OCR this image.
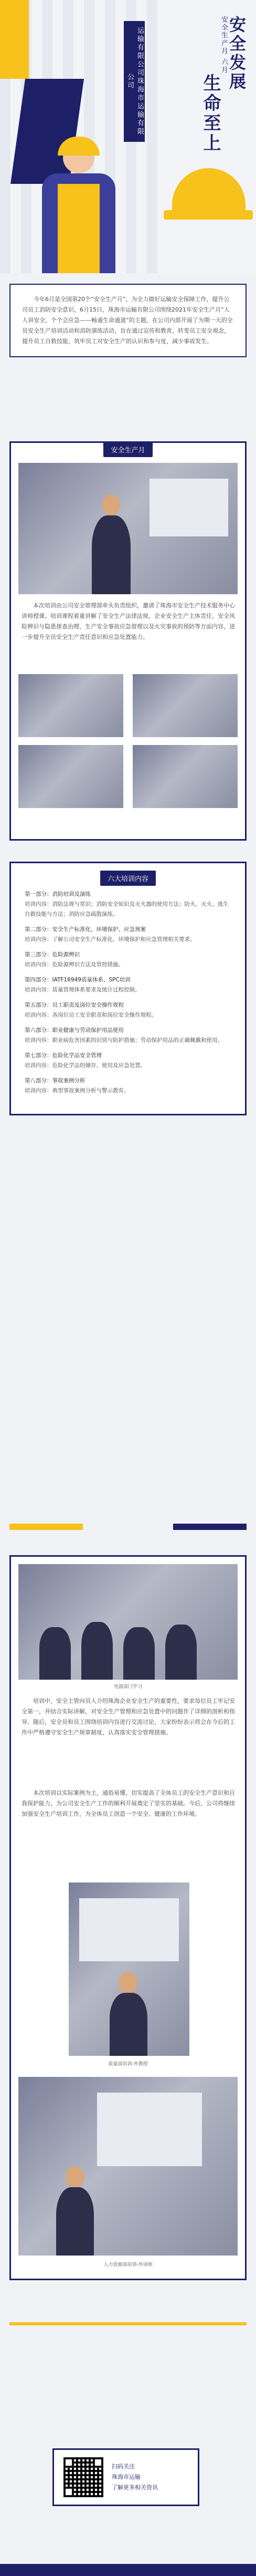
运输有限公司珠海市运输有限公司	安全发展
安全生产月 六月
生命至上

今年6月是全国第20个“安全生产月”，为全力做好运输安全保障工作，提升公司员工消防安全意识，6月15日，珠海市运输有限公司围绕2021年安全生产月“人人讲安全、个个会应急——畅通生命通道”的主题，在公司内部开展了为期一天的全员安全生产培训活动和消防演练活动，旨在通过宣传和教育，转变员工安全观念，提升员工自救技能，筑牢员工对安全生产的认识和参与度，减少事故发生。

安全生产月

本次培训由公司安全管理部牵头负责组织，邀请了珠海市安全生产技术服务中心讲师授课。培训课程着重讲解了安全生产法律法规、企业安全生产主体责任、安全风险辨识与隐患排查治理、生产安全事故应急管理以及火灾事故的预防等方面内容，进一步提升全员安全生产责任意识和应急处置能力。

六大培训内容
第一部分：消防培训及演练
培训内容：消防法规与常识；消防安全知识及灭火器的使用方法；防火、灭火、逃生自救技能与方法；消防应急疏散演练。
第二部分：安全生产标准化、环境保护、应急预案
培训内容：了解公司安全生产标准化、环境保护和应急管理相关要求。
第三部分：危险源辨识
培训内容：危险源辨识方法及管控措施。
第四部分：IATF16949质量体系、SPC培训
培训内容：质量管理体系要求及统计过程控制。
第五部分：员工职责及岗位安全操作规程
培训内容：各岗位员工安全职责和岗位安全操作规程。
第六部分：职业健康与劳动保护用品使用
培训内容：职业病危害因素的识别与防护措施；劳动保护用品的正确佩戴和使用。
第七部分：危险化学品安全管理
培训内容：危险化学品的储存、使用及应急处置。
第八部分：事故案例分析
培训内容：典型事故案例分析与警示教育。
电器部门学习

培训中，安全主管向员人介绍珠海企业安全生产的重要性，要求每位员工牢记安全第一，并结合实际讲解，对安全生产管理和应急处置中的问题作了详细的剖析和指导。随后，安全员和员工围绕培训内容进行交流讨论，大家纷纷表示将会在今后的工作中严格遵守安全生产规章制度，认真落实安全管理措施。

本次培训以实际案例为主，通俗易懂，切实提高了全体员工的安全生产意识和自我保护能力，为公司安全生产工作的顺利开展奠定了坚实的基础。今后，公司将继续加强安全生产培训工作，为全体员工创造一个安全、健康的工作环境。

质量部培训-外教授
人力资源部培训-外讲师
扫码关注
珠海市运输
了解更多相关资讯
